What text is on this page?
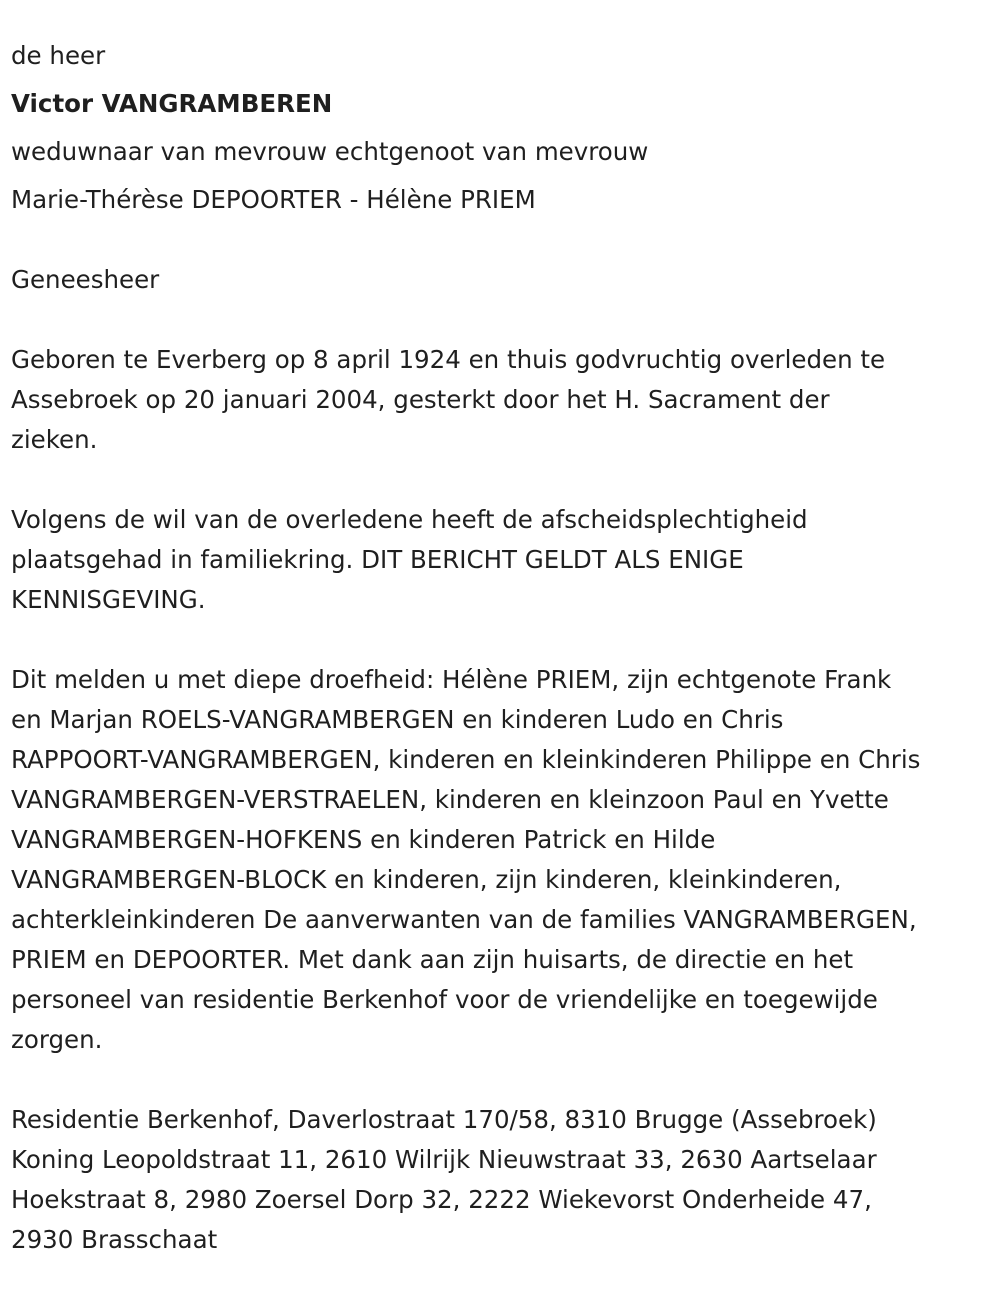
de heer
Victor VANGRAMBEREN
weduwnaar van mevrouw echtgenoot van mevrouw
Marie-Thérèse DEPOORTER - Hélène PRIEM
Geneesheer
Geboren te Everberg op 8 april 1924 en thuis godvruchtig overleden te
Assebroek op 20 januari 2004, gesterkt door het H. Sacrament der
zieken.
Volgens de wil van de overledene heeft de afscheidsplechtigheid
plaatsgehad in familiekring. DIT BERICHT GELDT ALS ENIGE
KENNISGEVING.
Dit melden u met diepe droefheid: Hélène PRIEM, zijn echtgenote Frank
en Marjan ROELS-VANGRAMBERGEN en kinderen Ludo en Chris
RAPPOORT-VANGRAMBERGEN, kinderen en kleinkinderen Philippe en Chris
VANGRAMBERGEN-VERSTRAELEN, kinderen en kleinzoon Paul en Yvette
VANGRAMBERGEN-HOFKENS en kinderen Patrick en Hilde
VANGRAMBERGEN-BLOCK en kinderen, zijn kinderen, kleinkinderen,
achterkleinkinderen De aanverwanten van de families VANGRAMBERGEN,
PRIEM en DEPOORTER. Met dank aan zijn huisarts, de directie en het
personeel van residentie Berkenhof voor de vriendelijke en toegewijde
zorgen.
Residentie Berkenhof, Daverlostraat 170/58, 8310 Brugge (Assebroek)
Koning Leopoldstraat 11, 2610 Wilrijk Nieuwstraat 33, 2630 Aartselaar
Hoekstraat 8, 2980 Zoersel Dorp 32, 2222 Wiekevorst Onderheide 47,
2930 Brasschaat
